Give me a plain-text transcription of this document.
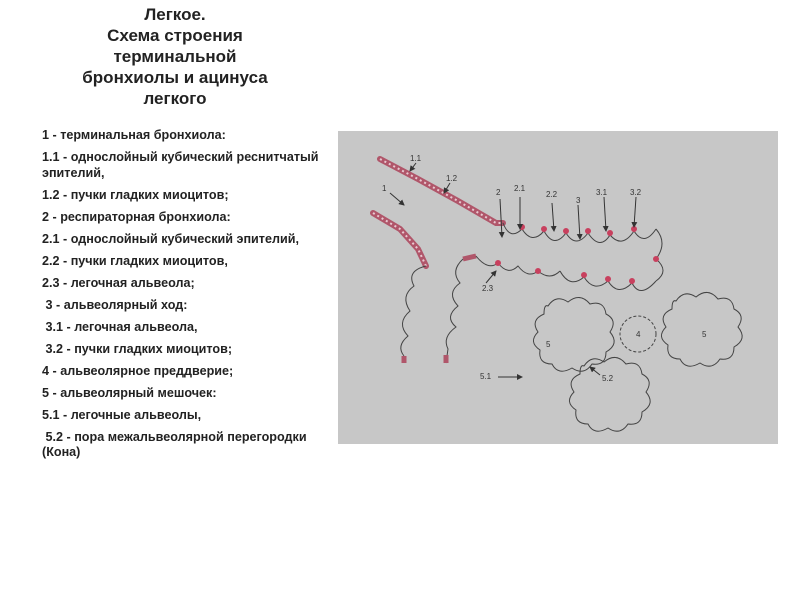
Легкое.
Схема строения
терминальной
бронхиолы и ацинуса
легкого
1 - терминальная бронхиола:
1.1 - однослойный кубический реснитчатый эпителий,
1.2 - пучки гладких миоцитов;
2 - респираторная бронхиола:
2.1 - однослойный кубический эпителий,
2.2 - пучки гладких миоцитов,
2.3 - легочная альвеола;
3 - альвеолярный ход:
3.1 - легочная альвеола,
3.2 - пучки гладких миоцитов;
4 - альвеолярное преддверие;
5 - альвеолярный мешочек:
5.1 - легочные альвеолы,
5.2 - пора межальвеолярной перегородки (Кона)
1
1.1
1.2
2 2.1
2.2
2.3
3
3.1	3.2
4
5
5
5.1	5.2
